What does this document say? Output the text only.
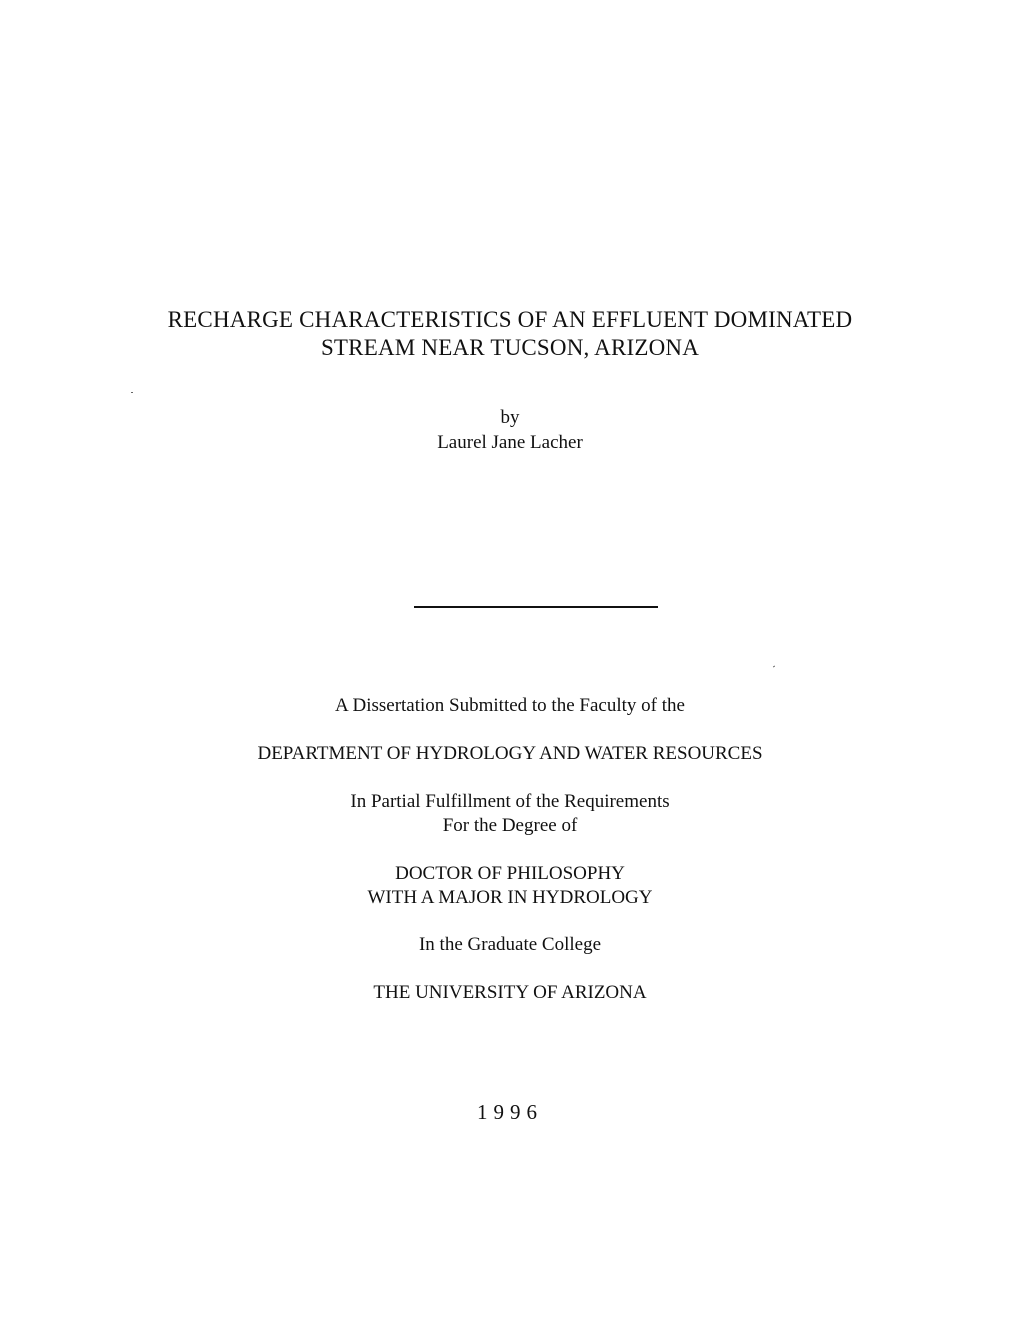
RECHARGE CHARACTERISTICS OF AN EFFLUENT DOMINATED
STREAM NEAR TUCSON, ARIZONA
by
Laurel Jane Lacher
A Dissertation Submitted to the Faculty of the
DEPARTMENT OF HYDROLOGY AND WATER RESOURCES
In Partial Fulfillment of the Requirements
For the Degree of
DOCTOR OF PHILOSOPHY
WITH A MAJOR IN HYDROLOGY
In the Graduate College
THE UNIVERSITY OF ARIZONA
1996
